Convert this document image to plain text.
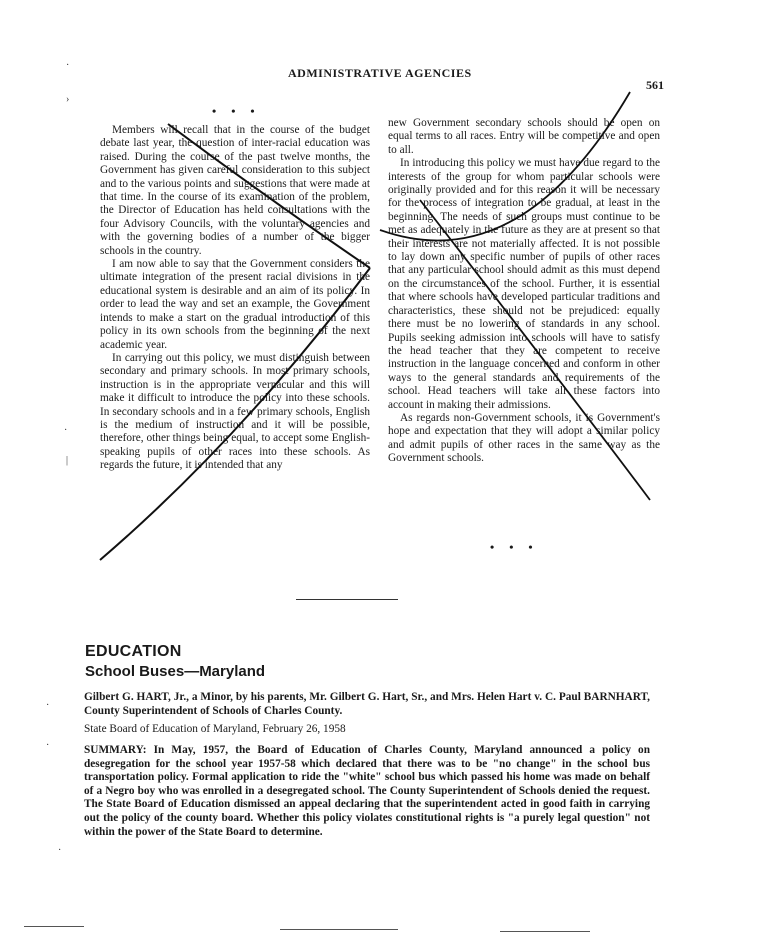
ADMINISTRATIVE AGENCIES
561
• • •

Members will recall that in the course of the budget debate last year, the question of inter-racial education was raised. During the course of the past twelve months, the Government has given careful consideration to this subject and to the various points and suggestions that were made at that time. In the course of its examination of the problem, the Director of Education has held consultations with the four Advisory Councils, with the voluntary agencies and with the governing bodies of a number of the bigger schools in the country.

I am now able to say that the Government considers the ultimate integration of the present racial divisions in the educational system is desirable and an aim of its policy. In order to lead the way and set an example, the Government intends to make a start on the gradual introduction of this policy in its own schools from the beginning of the next academic year.

In carrying out this policy, we must distinguish between secondary and primary schools. In most primary schools, instruction is in the appropriate vernacular and this will make it difficult to introduce the policy into these schools. In secondary schools and in a few primary schools, English is the medium of instruction and it will be possible, therefore, other things being equal, to accept some English-speaking pupils of other races into these schools. As regards the future, it is intended that any

new Government secondary schools should be open on equal terms to all races. Entry will be competitive and open to all.

In introducing this policy we must have due regard to the interests of the group for whom particular schools were originally provided and for this reason it will be necessary for the process of integration to be gradual, at least in the beginning. The needs of such groups must continue to be met as adequately in the future as they are at present so that their interests are not materially affected. It is not possible to lay down any specific number of pupils of other races that any particular school should admit as this must depend on the circumstances of the school. Further, it is essential that where schools have developed particular traditions and characteristics, these should not be prejudiced: equally there must be no lowering of standards in any school. Pupils seeking admission into schools will have to satisfy the head teacher that they are competent to receive instruction in the language concerned and conform in other ways to the general standards and requirements of the school. Head teachers will take all these factors into account in making their admissions.

As regards non-Government schools, it is Government's hope and expectation that they will adopt a similar policy and admit pupils of other races in the same way as the Government schools.

• • •
EDUCATION
School Buses—Maryland
Gilbert G. HART, Jr., a Minor, by his parents, Mr. Gilbert G. Hart, Sr., and Mrs. Helen Hart v. C. Paul BARNHART, County Superintendent of Schools of Charles County.
State Board of Education of Maryland, February 26, 1958
SUMMARY: In May, 1957, the Board of Education of Charles County, Maryland announced a policy on desegregation for the school year 1957-58 which declared that there was to be "no change" in the school bus transportation policy. Formal application to ride the "white" school bus which passed his home was made on behalf of a Negro boy who was enrolled in a desegregated school. The County Superintendent of Schools denied the request. The State Board of Education dismissed an appeal declaring that the superintendent acted in good faith in carrying out the policy of the county board. Whether this policy violates constitutional rights is "a purely legal question" not within the power of the State Board to determine.
·
›
·
|
·
·
·
